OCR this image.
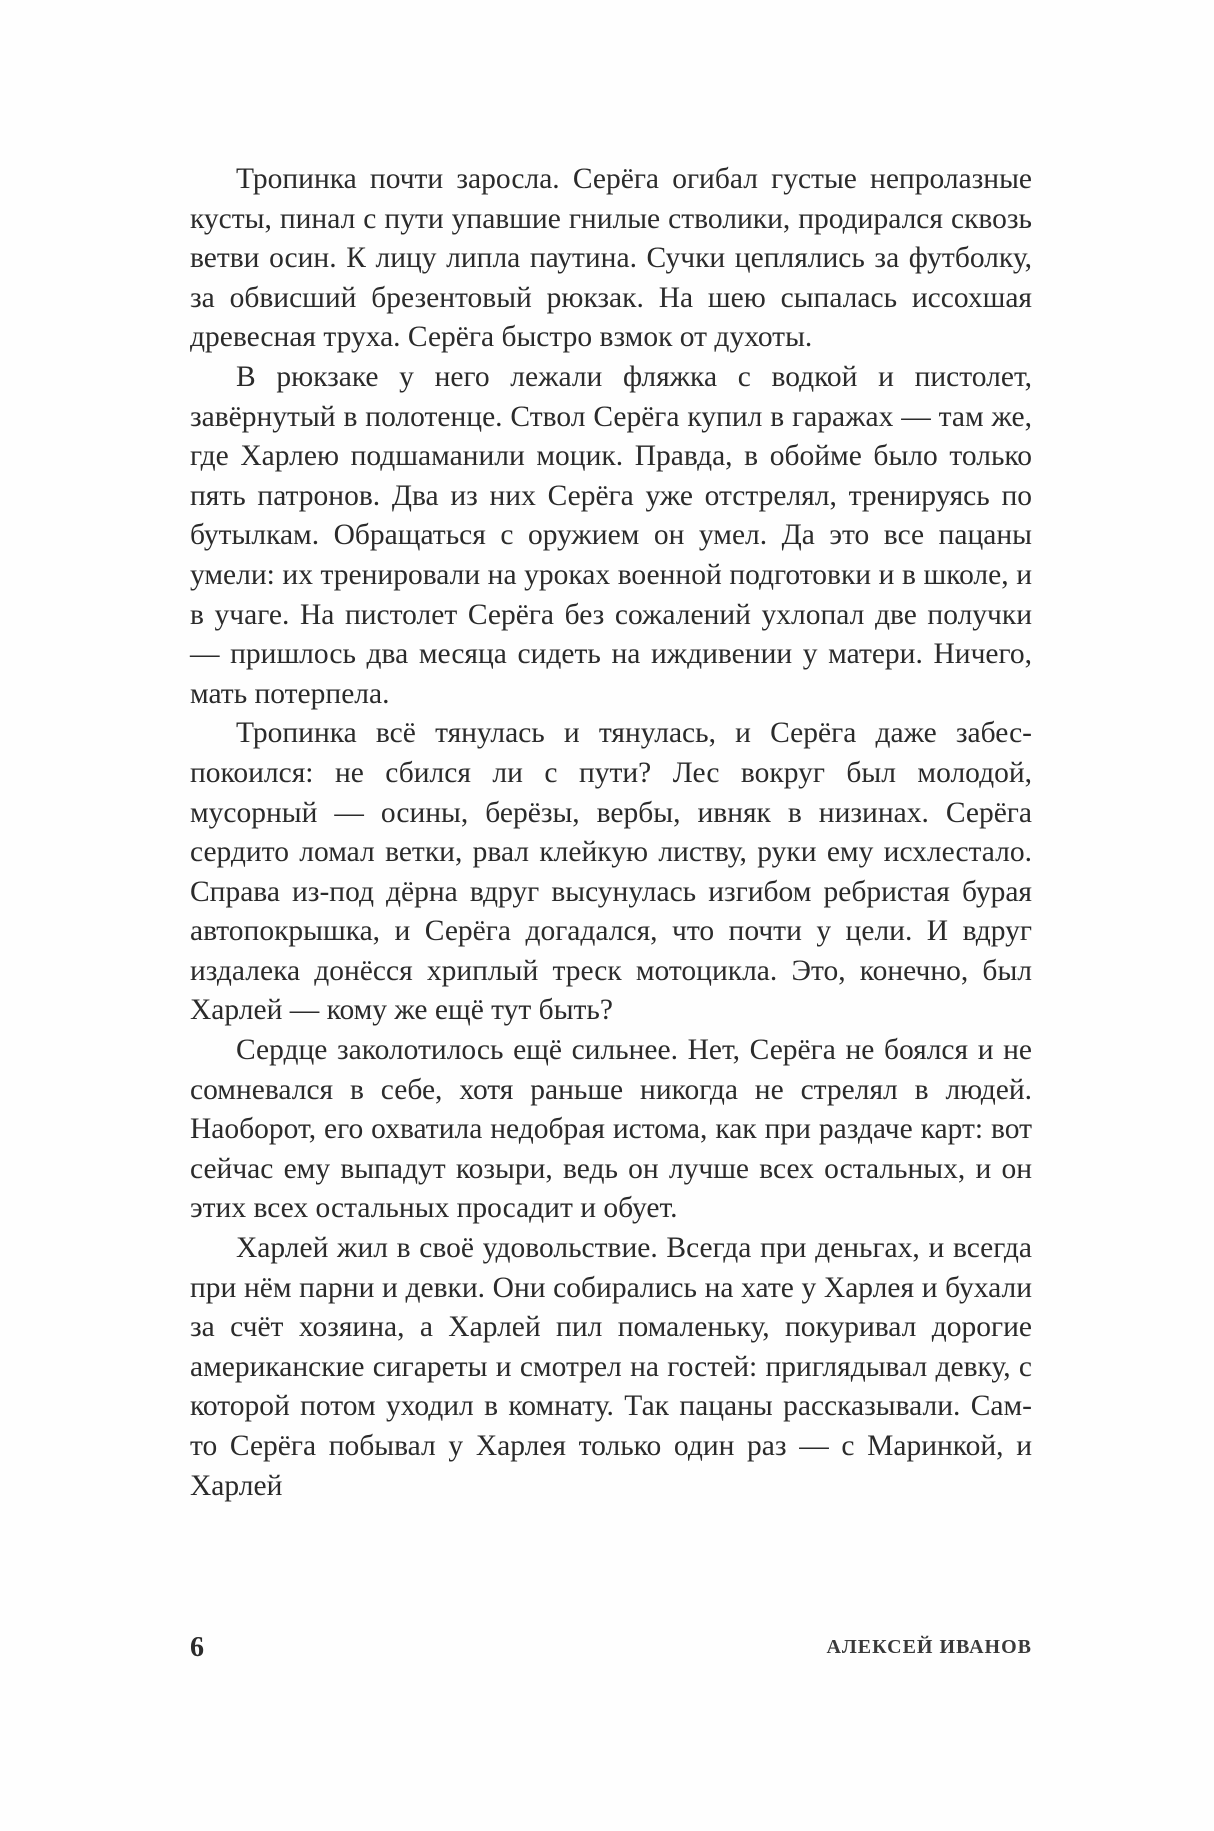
Тропинка почти заросла. Серёга огибал густые непролазные кусты, пинал с пути упавшие гнилые стволики, продирался сквозь ветви осин. К лицу липла паутина. Сучки цеплялись за футболку, за обвисший брезентовый рюкзак. На шею сыпалась иссохшая древесная труха. Серёга быстро взмок от духоты.

В рюкзаке у него лежали фляжка с водкой и пистолет, завёрнутый в полотенце. Ствол Серёга купил в гаражах — там же, где Харлею подшаманили моцик. Правда, в обойме было только пять патронов. Два из них Серёга уже отстрелял, тренируясь по бутылкам. Обращаться с оружием он умел. Да это все пацаны умели: их тренировали на уроках военной подготовки и в школе, и в учаге. На пистолет Серёга без сожалений ухлопал две получки — пришлось два месяца сидеть на иждивении у матери. Ничего, мать потерпела.

Тропинка всё тянулась и тянулась, и Серёга даже забеспокоился: не сбился ли с пути? Лес вокруг был молодой, мусорный — осины, берёзы, вербы, ивняк в низинах. Серёга сердито ломал ветки, рвал клейкую листву, руки ему исхлестало. Справа из-под дёрна вдруг высунулась изгибом ребристая бурая автопокрышка, и Серёга догадался, что почти у цели. И вдруг издалека донёсся хриплый треск мотоцикла. Это, конечно, был Харлей — кому же ещё тут быть?

Сердце заколотилось ещё сильнее. Нет, Серёга не боялся и не сомневался в себе, хотя раньше никогда не стрелял в людей. Наоборот, его охватила недобрая истома, как при раздаче карт: вот сейчас ему выпадут козыри, ведь он лучше всех остальных, и он этих всех остальных просадит и обует.

Харлей жил в своё удовольствие. Всегда при деньгах, и всегда при нём парни и девки. Они собирались на хате у Харлея и бухали за счёт хозяина, а Харлей пил помаленьку, покуривал дорогие американские сигареты и смотрел на гостей: приглядывал девку, с которой потом уходил в комнату. Так пацаны рассказывали. Сам-то Серёга побывал у Харлея только один раз — с Маринкой, и Харлей

6	АЛЕКСЕЙ ИВАНОВ
